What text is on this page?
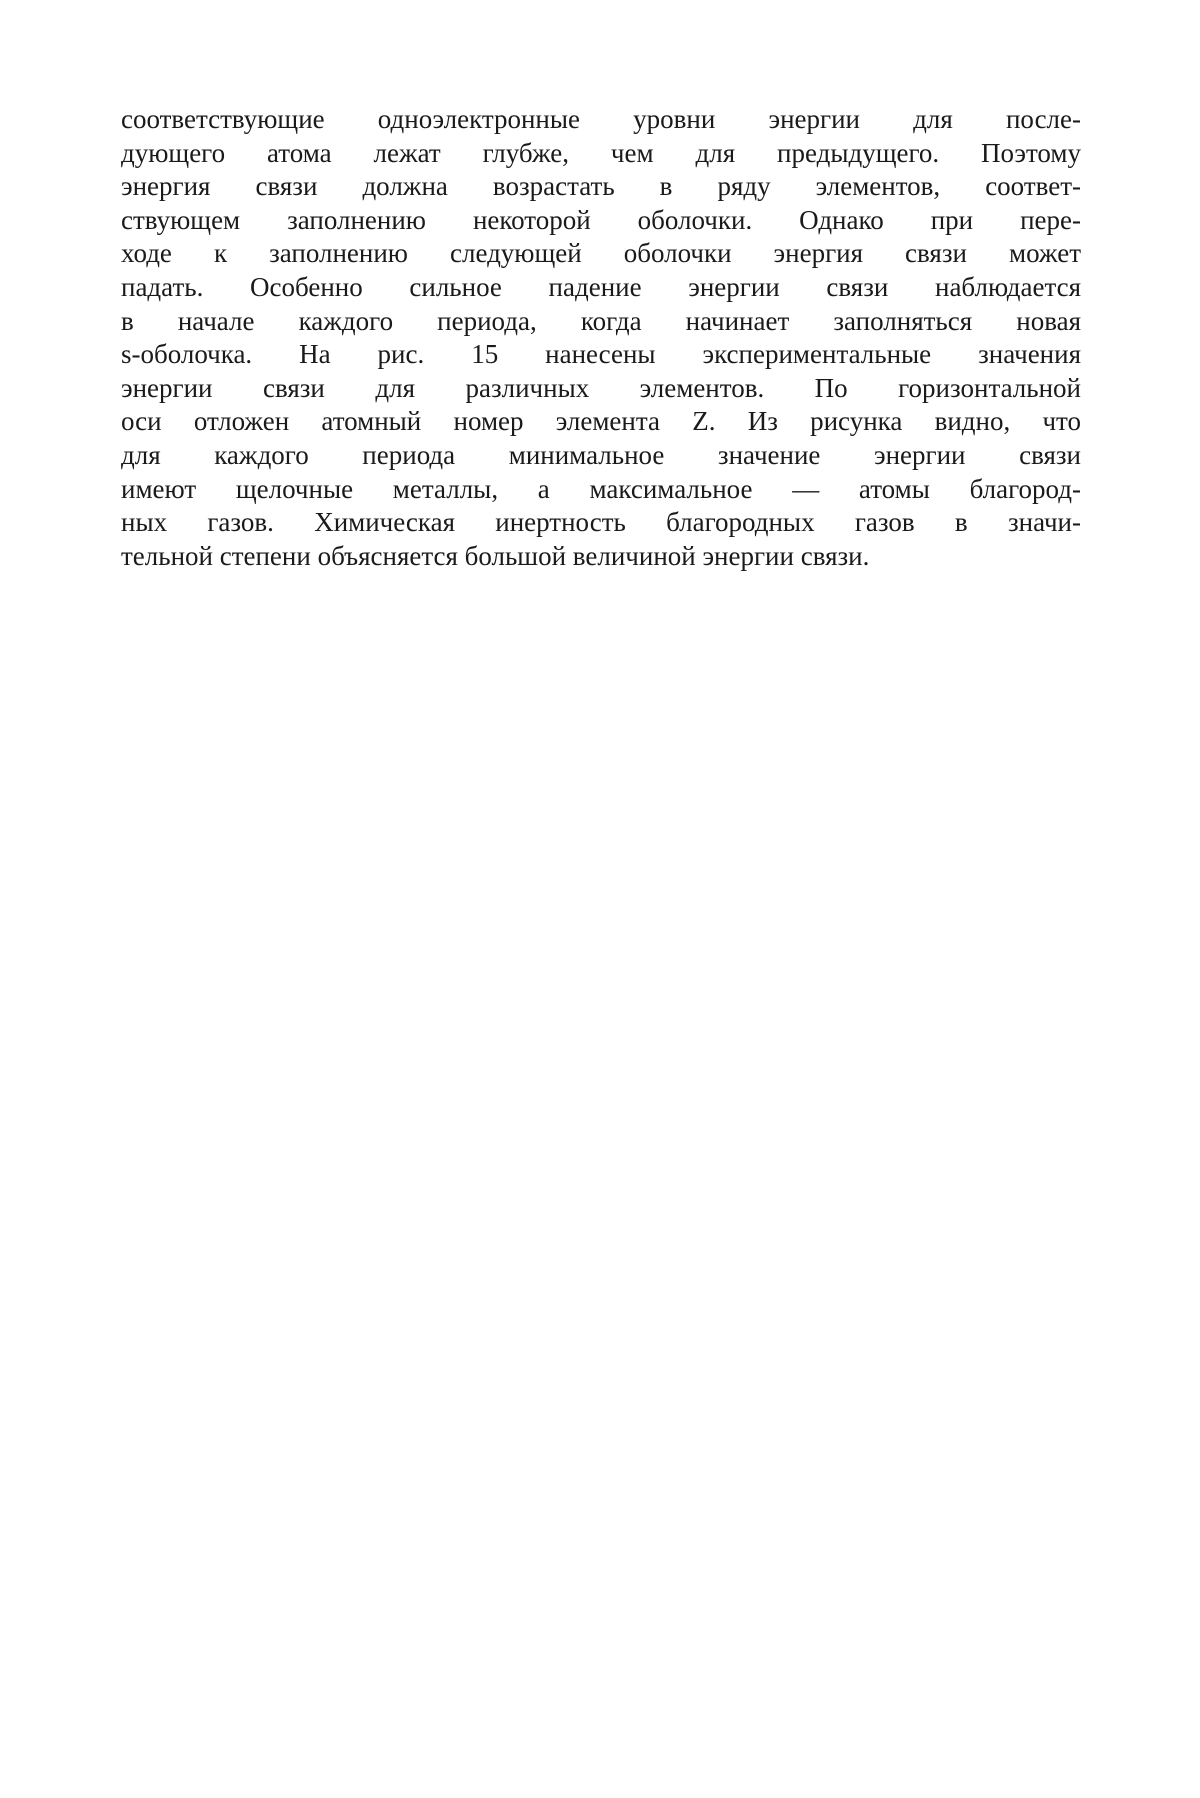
соответствующие одноэлектронные уровни энергии для после-
дующего атома лежат глубже, чем для предыдущего. Поэтому
энергия связи должна возрастать в ряду элементов, соответ-
ствующем заполнению некоторой оболочки. Однако при пере-
ходе к заполнению следующей оболочки энергия связи может
падать. Особенно сильное падение энергии связи наблюдается
в начале каждого периода, когда начинает заполняться новая
s-оболочка. На рис. 15 нанесены экспериментальные значения
энергии связи для различных элементов. По горизонтальной
оси отложен атомный номер элемента Z. Из рисунка видно, что
для каждого периода минимальное значение энергии связи
имеют щелочные металлы, а максимальное — атомы благород-
ных газов. Химическая инертность благородных газов в значи-
тельной степени объясняется большой величиной энергии связи.
